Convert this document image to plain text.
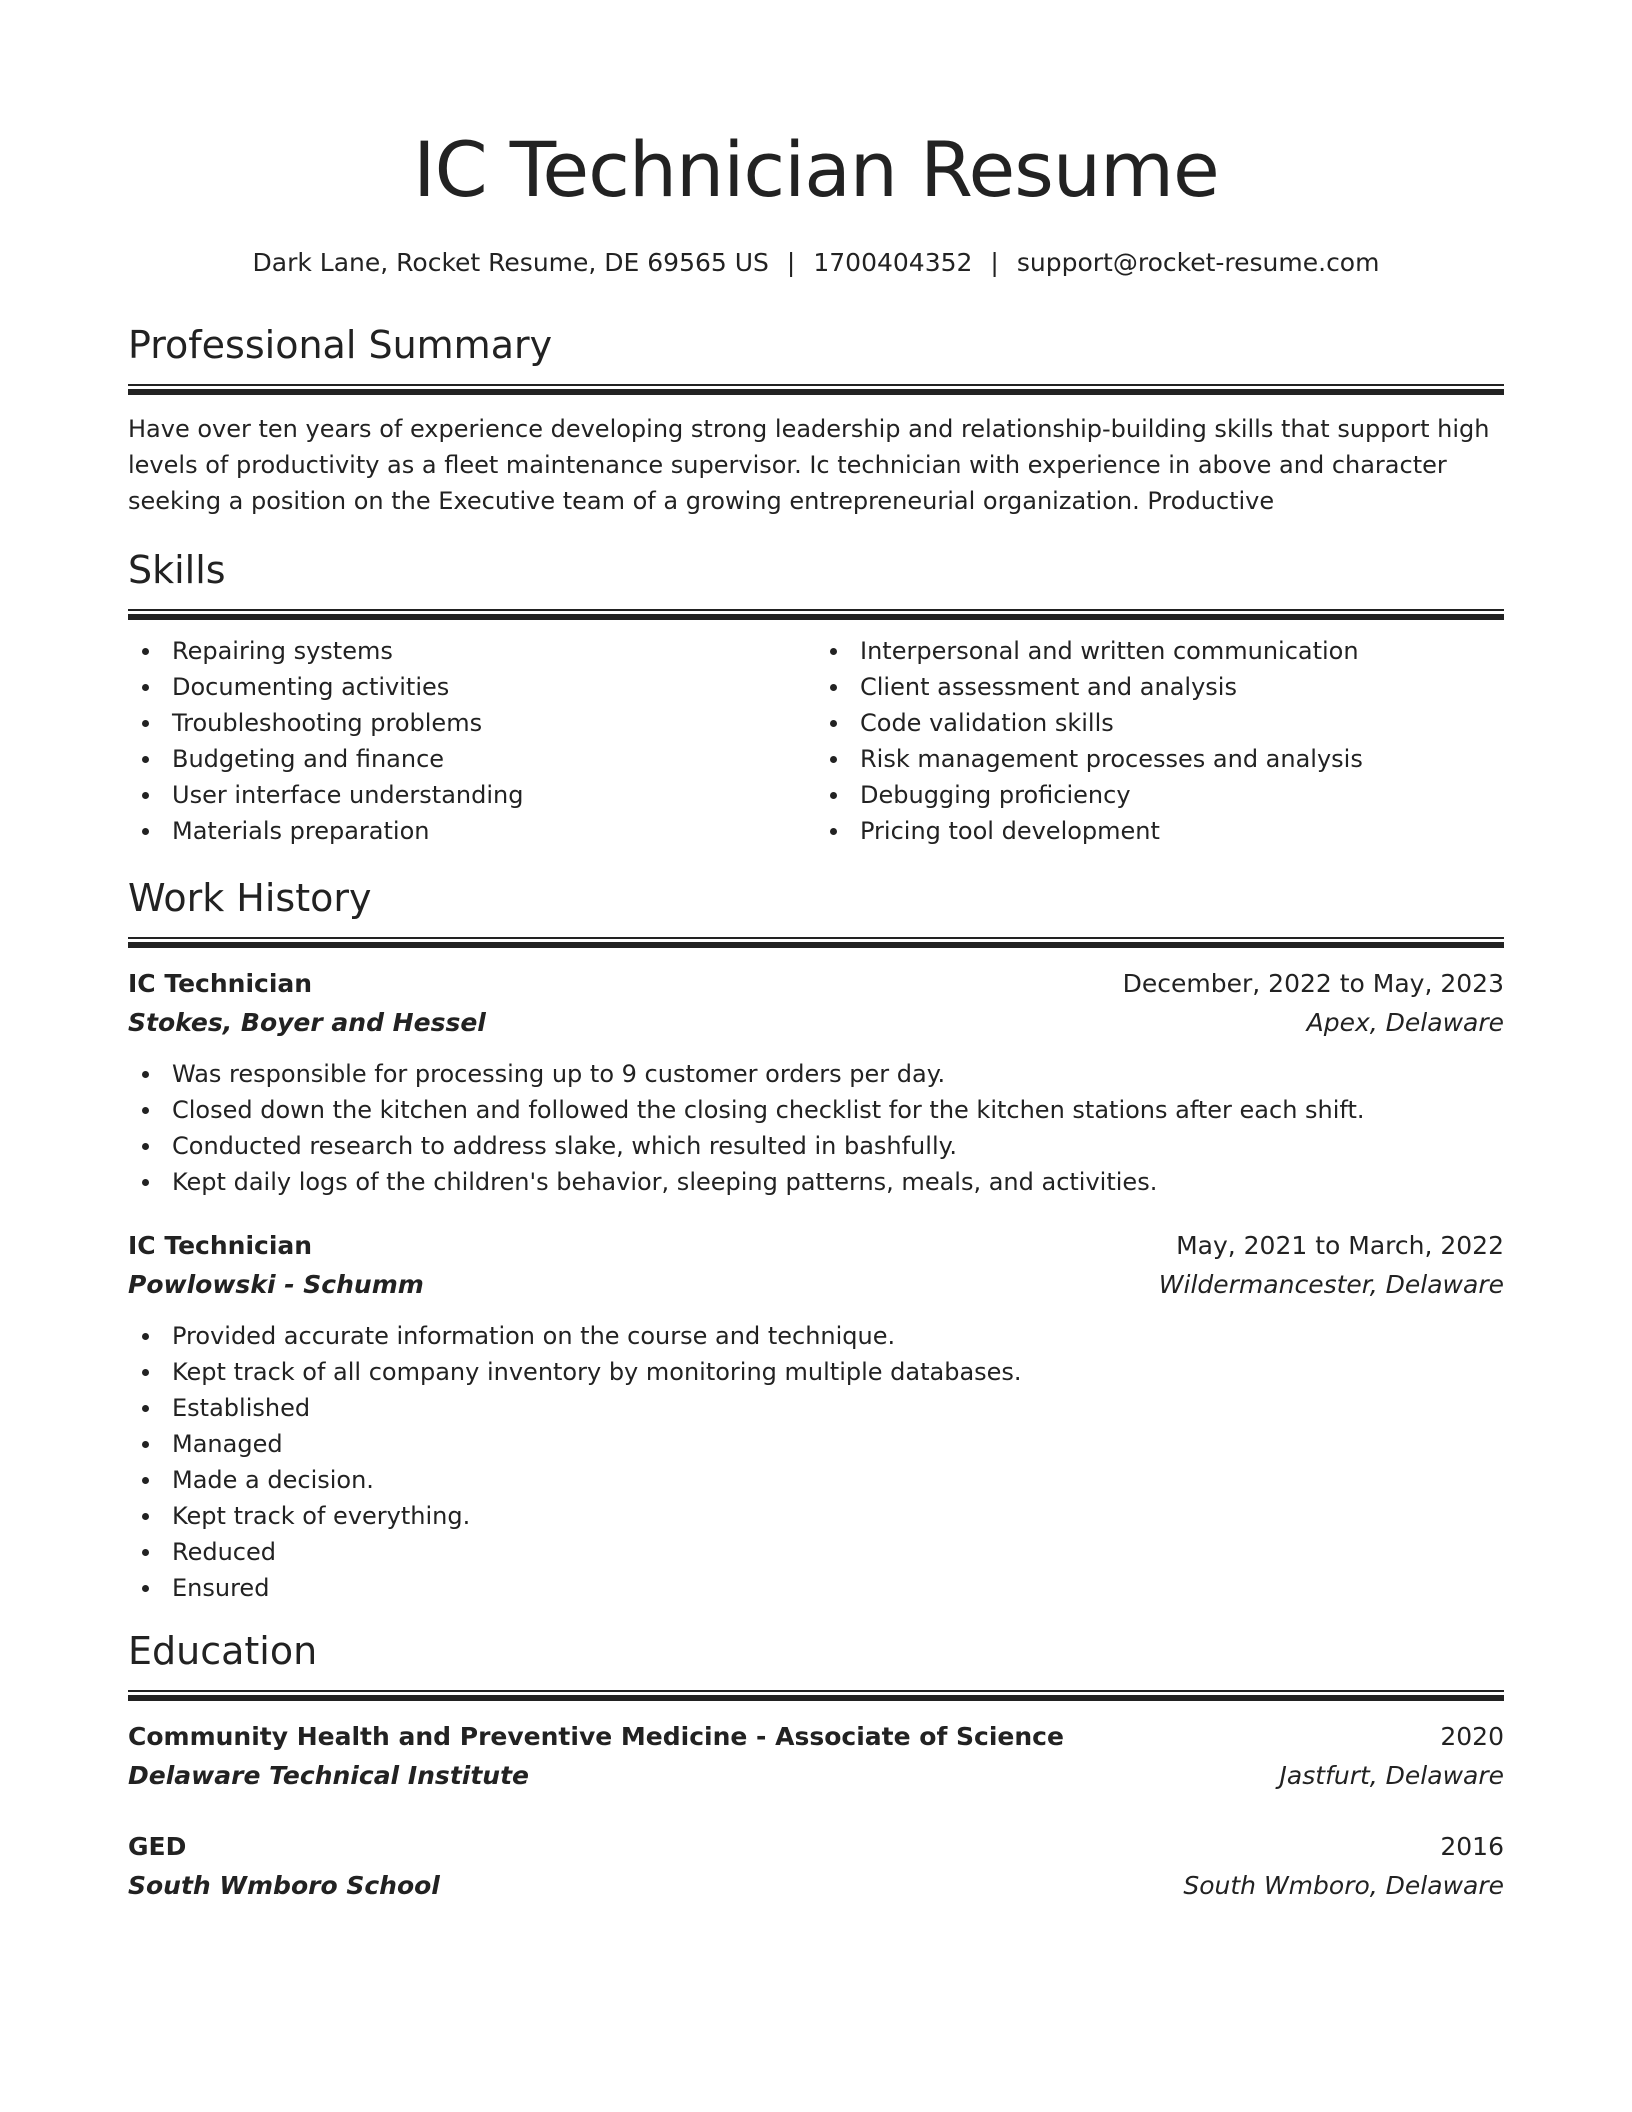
IC Technician Resume
Dark Lane, Rocket Resume, DE 69565 US | 1700404352 | support@rocket-resume.com
Professional Summary

Have over ten years of experience developing strong leadership and relationship-building skills that support high levels of productivity as a fleet maintenance supervisor. Ic technician with experience in above and character seeking a position on the Executive team of a growing entrepreneurial organization. Productive

Skills
Repairing systems
Documenting activities
Troubleshooting problems
Budgeting and finance
User interface understanding
Materials preparation
Interpersonal and written communication
Client assessment and analysis
Code validation skills
Risk management processes and analysis
Debugging proficiency
Pricing tool development
Work History
IC Technician	December, 2022 to May, 2023
Stokes, Boyer and Hessel	Apex, Delaware
Was responsible for processing up to 9 customer orders per day.
Closed down the kitchen and followed the closing checklist for the kitchen stations after each shift.
Conducted research to address slake, which resulted in bashfully.
Kept daily logs of the children's behavior, sleeping patterns, meals, and activities.
IC Technician	May, 2021 to March, 2022
Powlowski - Schumm	Wildermancester, Delaware
Provided accurate information on the course and technique.
Kept track of all company inventory by monitoring multiple databases.
Established
Managed
Made a decision.
Kept track of everything.
Reduced
Ensured
Education
Community Health and Preventive Medicine - Associate of Science	2020
Delaware Technical Institute	Jastfurt, Delaware
GED	2016
South Wmboro School	South Wmboro, Delaware
